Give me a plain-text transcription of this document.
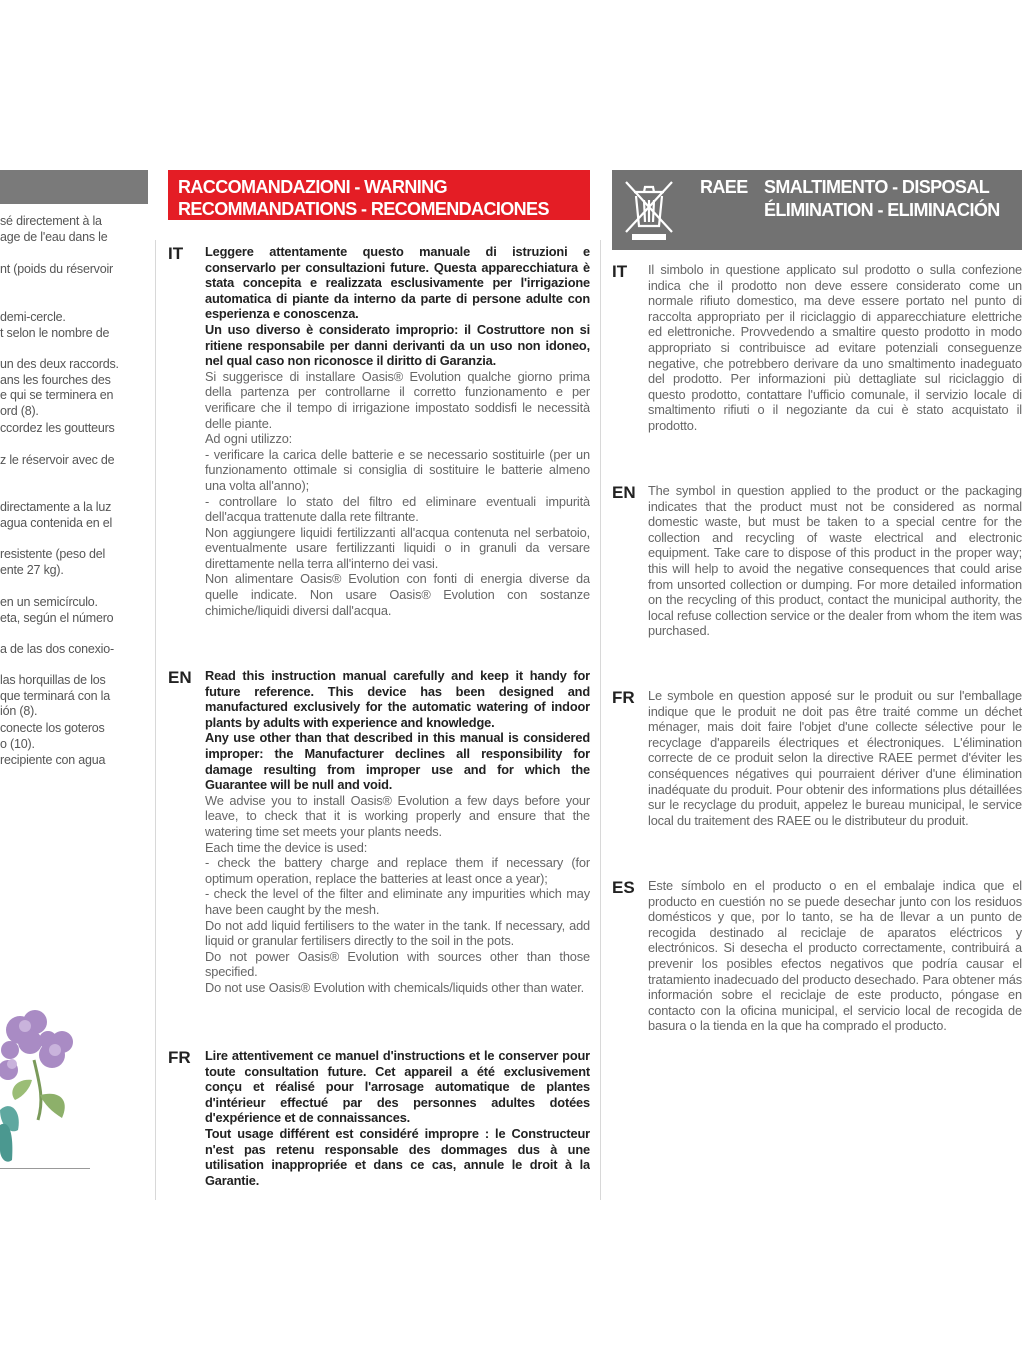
sé directement à la
age de l'eau dans le
nt (poids du réservoir
demi-cercle.
t selon le nombre de
un des deux raccords.
ans les fourches des
e qui se terminera en
ord (8).
ccordez les goutteurs
z le réservoir avec de
directamente a la luz
agua contenida en el
resistente (peso del
ente 27 kg).
en un semicírculo.
eta, según el número
a de las dos conexio-
las horquillas de los
que terminará con la
ión (8).
conecte los goteros
o (10).
recipiente con agua
RACCOMANDAZIONI - WARNING
RECOMMANDATIONS - RECOMENDACIONES
IT Leggere attentamente questo manuale di istruzioni e conservarlo per consultazioni future. Questa apparecchiatura è stata concepita e realizzata esclusivamente per l'irrigazione automatica di piante da interno da parte di persone adulte con esperienza e conoscenza.

Un uso diverso è considerato improprio: il Costruttore non si ritiene responsabile per danni derivanti da un uso non idoneo, nel qual caso non riconosce il diritto di Garanzia.

Si suggerisce di installare Oasis® Evolution qualche giorno prima della partenza per controllarne il corretto funzionamento e per verificare che il tempo di irrigazione impostato soddisfi le necessità delle piante.

Ad ogni utilizzo:

- verificare la carica delle batterie e se necessario sostituirle (per un funzionamento ottimale si consiglia di sostituire le batterie almeno una volta all'anno);

- controllare lo stato del filtro ed eliminare eventuali impurità dell'acqua trattenute dalla rete filtrante.

Non aggiungere liquidi fertilizzanti all'acqua contenuta nel serbatoio, eventualmente usare fertilizzanti liquidi o in granuli da versare direttamente nella terra all'interno dei vasi.

Non alimentare Oasis® Evolution con fonti di energia diverse da quelle indicate. Non usare Oasis® Evolution con sostanze chimiche/liquidi diversi dall'acqua.

EN Read this instruction manual carefully and keep it handy for future reference. This device has been designed and manufactured exclusively for the automatic watering of indoor plants by adults with experience and knowledge.

Any use other than that described in this manual is considered improper: the Manufacturer declines all responsibility for damage resulting from improper use and for which the Guarantee will be null and void.

We advise you to install Oasis® Evolution a few days before your leave, to check that it is working properly and ensure that the watering time set meets your plants needs.

Each time the device is used:

- check the battery charge and replace them if necessary (for optimum operation, replace the batteries at least once a year);

- check the level of the filter and eliminate any impurities which may have been caught by the mesh.

Do not add liquid fertilisers to the water in the tank. If necessary, add liquid or granular fertilisers directly to the soil in the pots.

Do not power Oasis® Evolution with sources other than those specified.

Do not use Oasis® Evolution with chemicals/liquids other than water.

FR Lire attentivement ce manuel d'instructions et le conserver pour toute consultation future. Cet appareil a été exclusivement conçu et réalisé pour l'arrosage automatique de plantes d'intérieur effectué par des personnes adultes dotées d'expérience et de connaissances.

Tout usage différent est considéré impropre : le Constructeur n'est pas retenu responsable des dommages dus à une utilisation inappropriée et dans ce cas, annule le droit à la Garantie.

RAEE SMALTIMENTO - DISPOSAL
ÉLIMINATION - ELIMINACIÓN
IT Il simbolo in questione applicato sul prodotto o sulla confezione indica che il prodotto non deve essere considerato come un normale rifiuto domestico, ma deve essere portato nel punto di raccolta appropriato per il riciclaggio di apparecchiature elettriche ed elettroniche. Provvedendo a smaltire questo prodotto in modo appropriato si contribuisce ad evitare potenziali conseguenze negative, che potrebbero derivare da uno smaltimento inadeguato del prodotto. Per informazioni più dettagliate sul riciclaggio di questo prodotto, contattare l'ufficio comunale, il servizio locale di smaltimento rifiuti o il negoziante da cui è stato acquistato il prodotto.
EN The symbol in question applied to the product or the packaging indicates that the product must not be considered as normal domestic waste, but must be taken to a special centre for the collection and recycling of waste electrical and electronic equipment. Take care to dispose of this product in the proper way; this will help to avoid the negative consequences that could arise from unsorted collection or dumping. For more detailed information on the recycling of this product, contact the municipal authority, the local refuse collection service or the dealer from whom the item was purchased.
FR Le symbole en question apposé sur le produit ou sur l'emballage indique que le produit ne doit pas être traité comme un déchet ménager, mais doit faire l'objet d'une collecte sélective pour le recyclage d'appareils électriques et électroniques. L'élimination correcte de ce produit selon la directive RAEE permet d'éviter les conséquences négatives qui pourraient dériver d'une élimination inadéquate du produit. Pour obtenir des informations plus détaillées sur le recyclage du produit, appelez le bureau municipal, le service local du traitement des RAEE ou le distributeur du produit.
ES Este símbolo en el producto o en el embalaje indica que el producto en cuestión no se puede desechar junto con los residuos domésticos y que, por lo tanto, se ha de llevar a un punto de recogida destinado al reciclaje de aparatos eléctricos y electrónicos. Si desecha el producto correctamente, contribuirá a prevenir los posibles efectos negativos que podría causar el tratamiento inadecuado del producto desechado. Para obtener más información sobre el reciclaje de este producto, póngase en contacto con la oficina municipal, el servicio local de recogida de basura o la tienda en la que ha comprado el producto.
